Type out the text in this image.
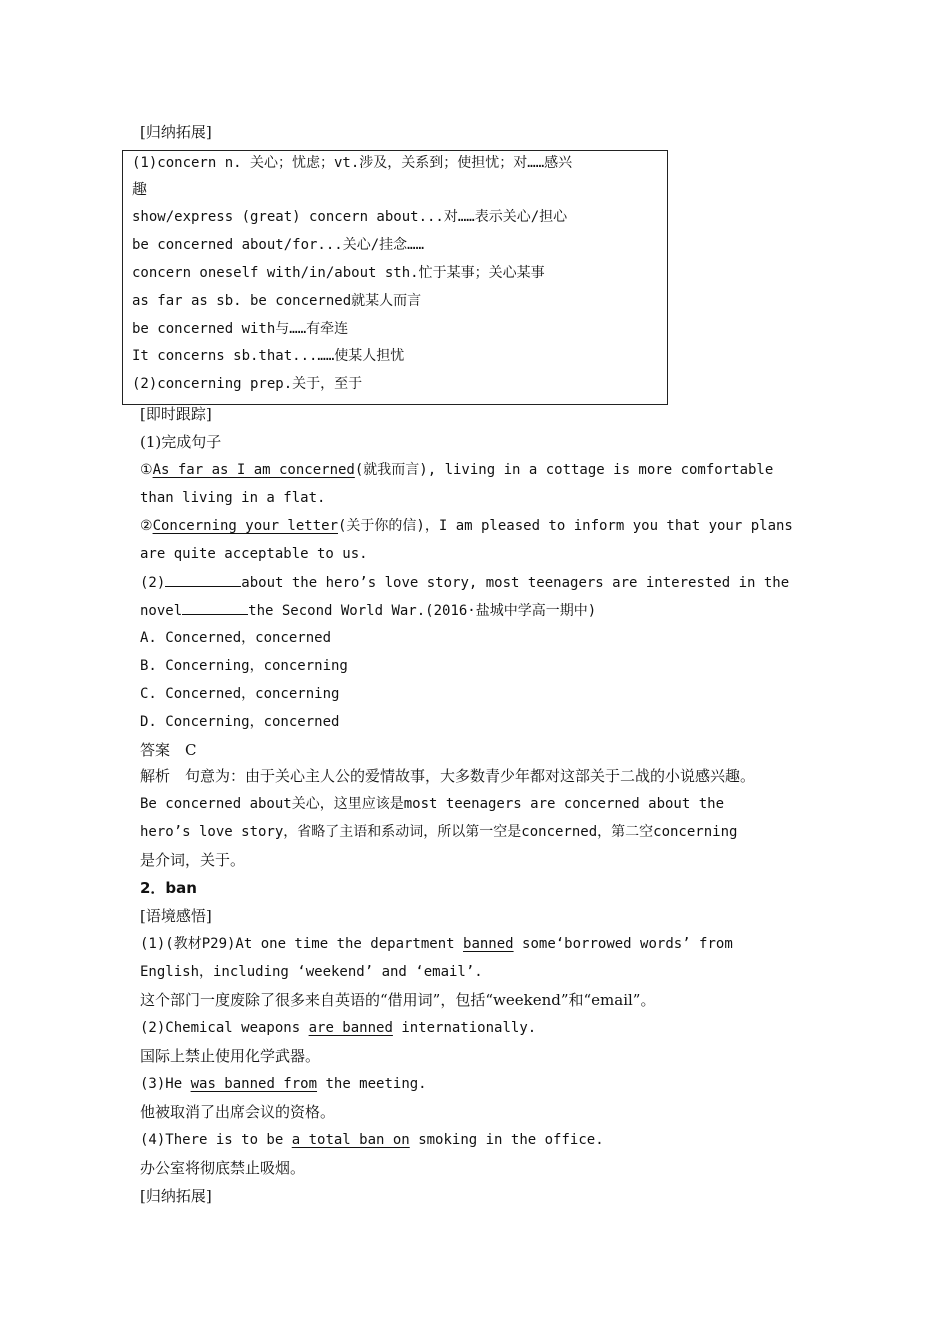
[归纳拓展]
(1)concern n. 关心；忧虑；vt.涉及，关系到；使担忧；对……感兴
趣
show/express (great) concern about...对……表示关心/担心
be concerned about/for...关心/挂念……
concern oneself with/in/about sth.忙于某事；关心某事
as far as sb. be concerned就某人而言
be concerned with与……有牵连
It concerns sb.that...……使某人担忧
(2)concerning prep.关于，至于
[即时跟踪]
(1)完成句子
①As far as I am concerned(就我而言), living in a cottage is more comfortable
than living in a flat.
②Concerning your letter(关于你的信)，I am pleased to inform you that your plans
are quite acceptable to us.
(2)	about the hero’s love story, most teenagers are interested in the
novel	the Second World War.(2016·盐城中学高一期中)
A. Concerned，concerned
B. Concerning，concerning
C. Concerned，concerning
D. Concerning，concerned
答案　C
解析　句意为：由于关心主人公的爱情故事，大多数青少年都对这部关于二战的小说感兴趣。
Be concerned about关心，这里应该是most teenagers are concerned about the
hero’s love story，省略了主语和系动词，所以第一空是concerned，第二空concerning
是介词，关于。
2．ban
[语境感悟]
(1)(教材P29)At one time the department banned some‘borrowed words’ from
English，including ‘weekend’ and ‘email’.
这个部门一度废除了很多来自英语的“借用词”，包括“weekend”和“email”。
(2)Chemical weapons are banned internationally.
国际上禁止使用化学武器。
(3)He was banned from the meeting.
他被取消了出席会议的资格。
(4)There is to be a total ban on smoking in the office.
办公室将彻底禁止吸烟。
[归纳拓展]
